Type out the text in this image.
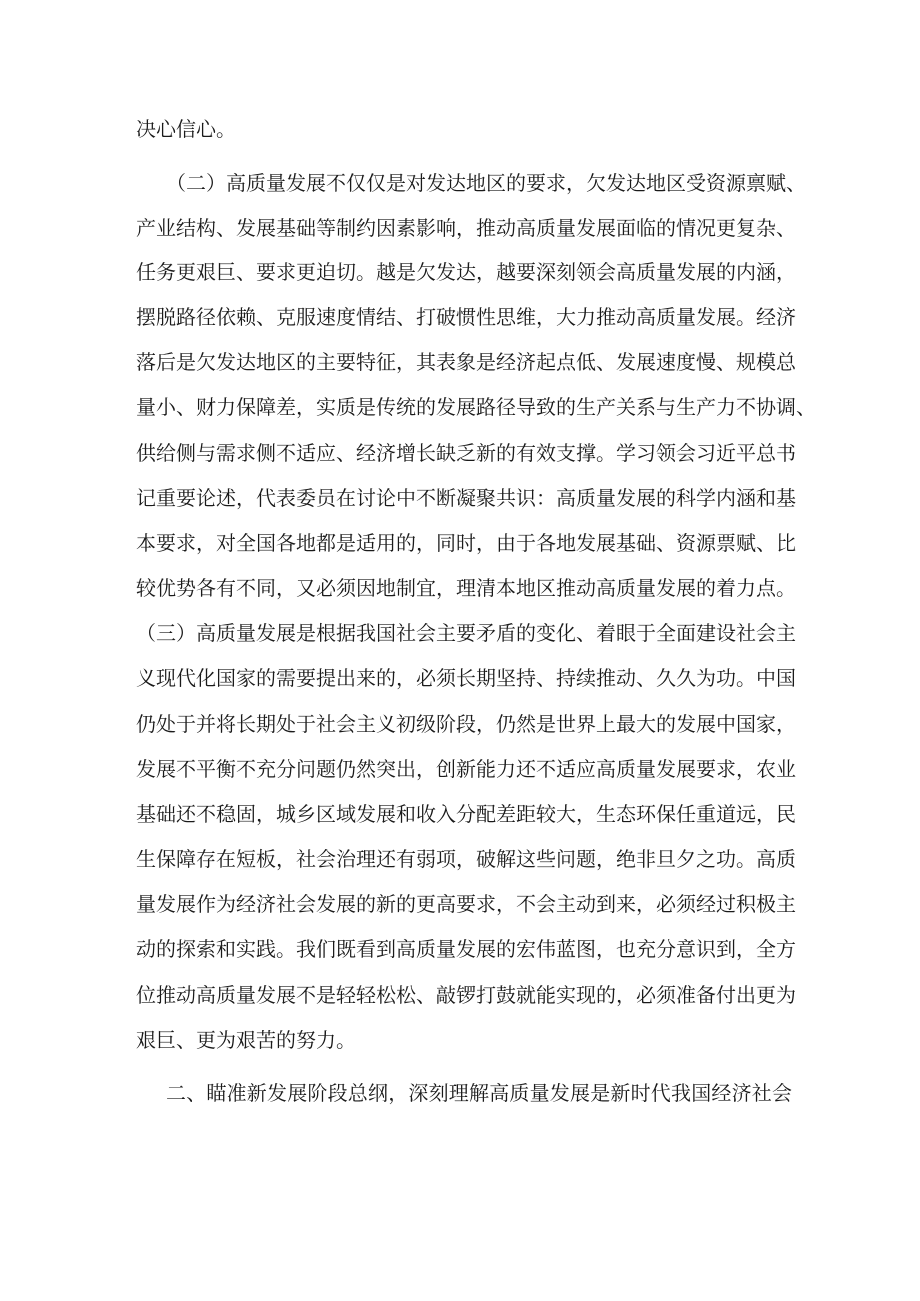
决心信心。
（二）高质量发展不仅仅是对发达地区的要求，欠发达地区受资源禀赋、
产业结构、发展基础等制约因素影响，推动高质量发展面临的情况更复杂、
任务更艰巨、要求更迫切。越是欠发达，越要深刻领会高质量发展的内涵，
摆脱路径依赖、克服速度情结、打破惯性思维，大力推动高质量发展。经济
落后是欠发达地区的主要特征，其表象是经济起点低、发展速度慢、规模总
量小、财力保障差，实质是传统的发展路径导致的生产关系与生产力不协调、
供给侧与需求侧不适应、经济增长缺乏新的有效支撑。学习领会习近平总书
记重要论述，代表委员在讨论中不断凝聚共识：高质量发展的科学内涵和基
本要求，对全国各地都是适用的，同时，由于各地发展基础、资源票赋、比
较优势各有不同，又必须因地制宜，理清本地区推动高质量发展的着力点。
（三）高质量发展是根据我国社会主要矛盾的变化、着眼于全面建设社会主
义现代化国家的需要提出来的，必须长期坚持、持续推动、久久为功。中国
仍处于并将长期处于社会主义初级阶段，仍然是世界上最大的发展中国家，
发展不平衡不充分问题仍然突出，创新能力还不适应高质量发展要求，农业
基础还不稳固，城乡区域发展和收入分配差距较大，生态环保任重道远，民
生保障存在短板，社会治理还有弱项，破解这些问题，绝非旦夕之功。高质
量发展作为经济社会发展的新的更高要求，不会主动到来，必须经过积极主
动的探索和实践。我们既看到高质量发展的宏伟蓝图，也充分意识到，全方
位推动高质量发展不是轻轻松松、敲锣打鼓就能实现的，必须准备付出更为
艰巨、更为艰苦的努力。
二、瞄准新发展阶段总纲，深刻理解高质量发展是新时代我国经济社会
